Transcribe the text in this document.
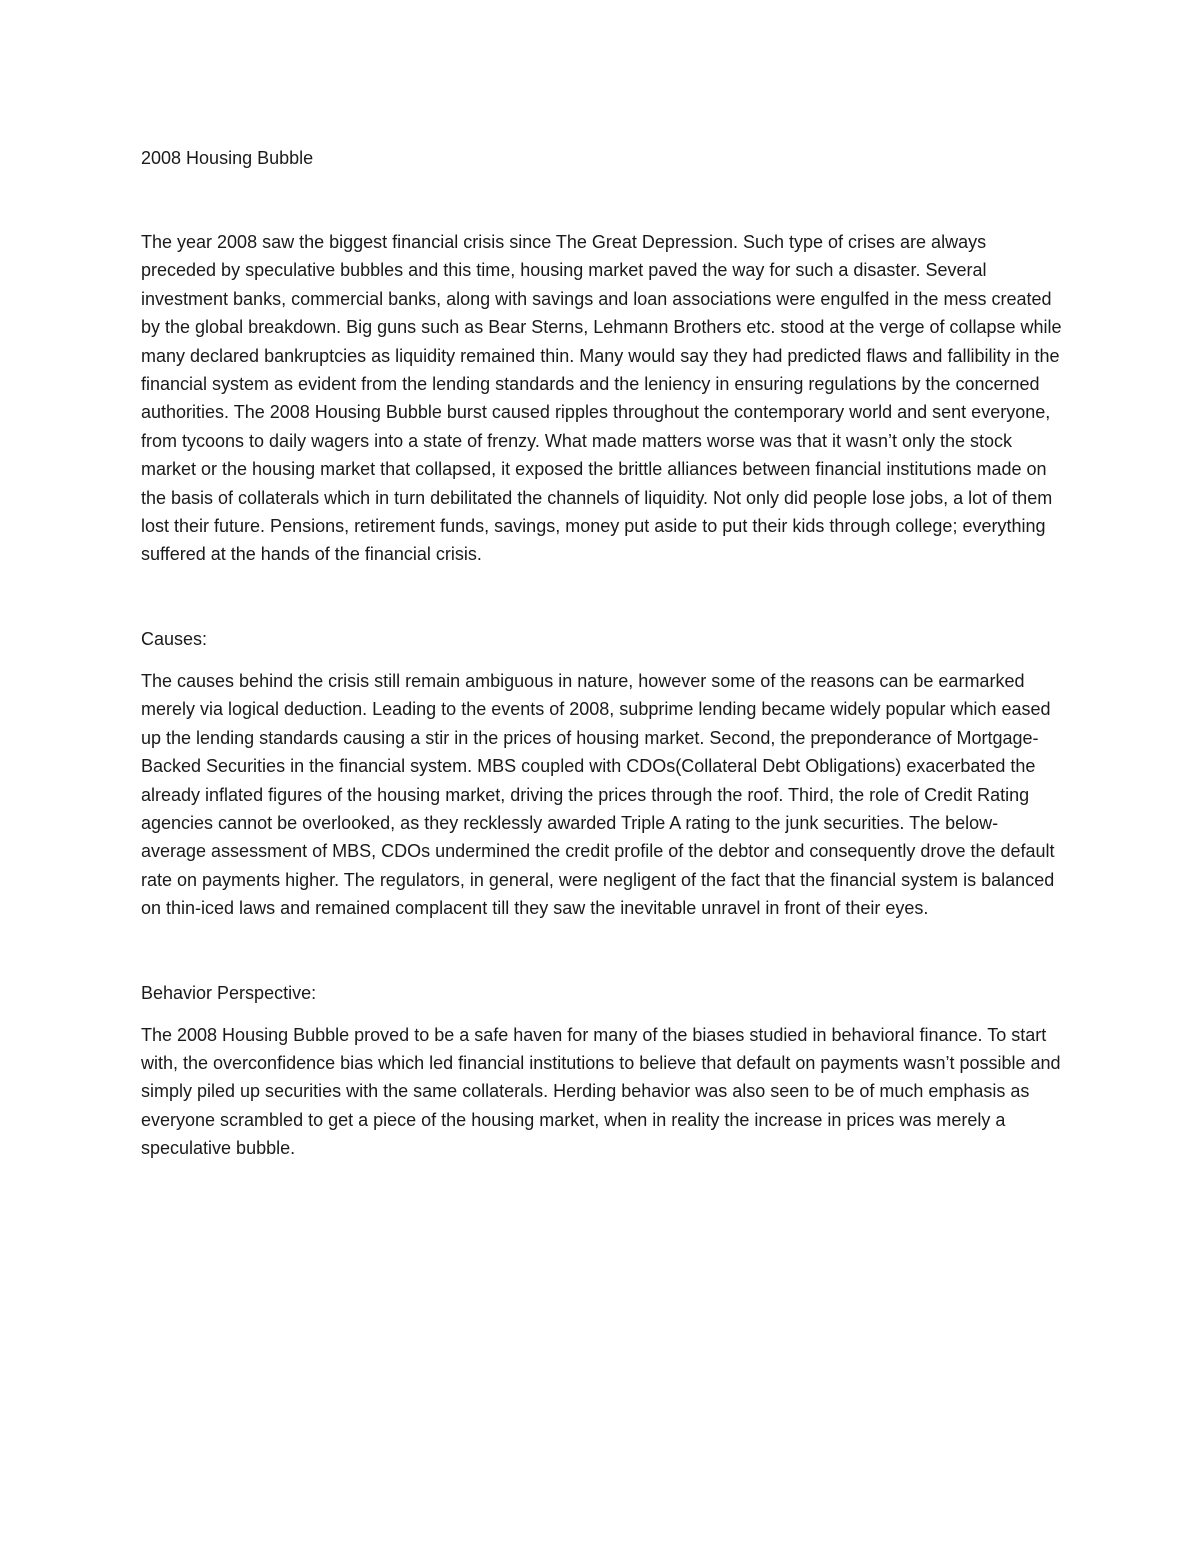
2008 Housing Bubble

The year 2008 saw the biggest financial crisis since The Great Depression. Such type of crises are always preceded by speculative bubbles and this time, housing market paved the way for such a disaster. Several investment banks, commercial banks, along with savings and loan associations were engulfed in the mess created by the global breakdown. Big guns such as Bear Sterns, Lehmann Brothers etc. stood at the verge of collapse while many declared bankruptcies as liquidity remained thin. Many would say they had predicted flaws and fallibility in the financial system as evident from the lending standards and the leniency in ensuring regulations by the concerned authorities. The 2008 Housing Bubble burst caused ripples throughout the contemporary world and sent everyone, from tycoons to daily wagers into a state of frenzy. What made matters worse was that it wasn’t only the stock market or the housing market that collapsed, it exposed the brittle alliances between financial institutions made on the basis of collaterals which in turn debilitated the channels of liquidity. Not only did people lose jobs, a lot of them lost their future. Pensions, retirement funds, savings, money put aside to put their kids through college; everything suffered at the hands of the financial crisis.

Causes:

The causes behind the crisis still remain ambiguous in nature, however some of the reasons can be earmarked merely via logical deduction. Leading to the events of 2008, subprime lending became widely popular which eased up the lending standards causing a stir in the prices of housing market. Second, the preponderance of Mortgage-Backed Securities in the financial system. MBS coupled with CDOs(Collateral Debt Obligations) exacerbated the already inflated figures of the housing market, driving the prices through the roof. Third, the role of Credit Rating agencies cannot be overlooked, as they recklessly awarded Triple A rating to the junk securities. The below-average assessment of MBS, CDOs undermined the credit profile of the debtor and consequently drove the default rate on payments higher. The regulators, in general, were negligent of the fact that the financial system is balanced on thin-iced laws and remained complacent till they saw the inevitable unravel in front of their eyes.

Behavior Perspective:

The 2008 Housing Bubble proved to be a safe haven for many of the biases studied in behavioral finance. To start with, the overconfidence bias which led financial institutions to believe that default on payments wasn’t possible and simply piled up securities with the same collaterals. Herding behavior was also seen to be of much emphasis as everyone scrambled to get a piece of the housing market, when in reality the increase in prices was merely a speculative bubble.
